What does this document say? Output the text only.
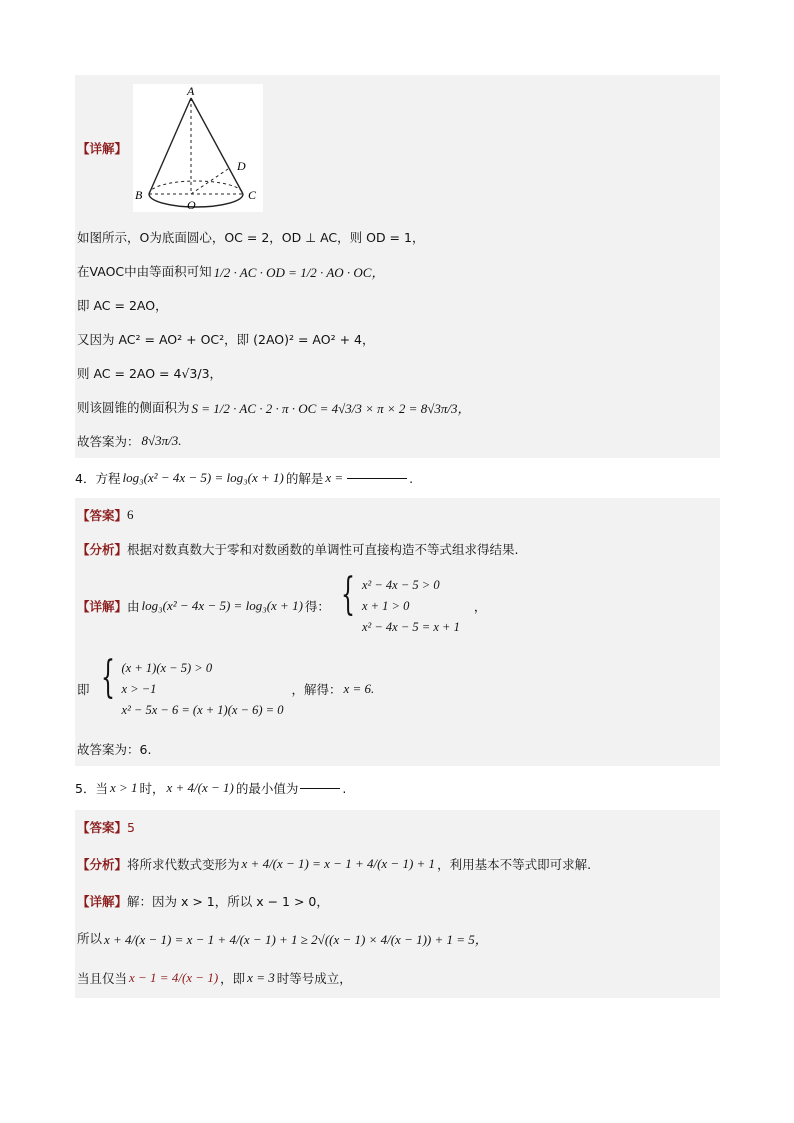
【详解】
A
B
O
C
D
如图所示，O为底面圆心，OC = 2，OD ⊥ AC，则 OD = 1，
在VAOC中由等面积可知 1/2 · AC · OD = 1/2 · AO · OC，
即 AC = 2AO，
又因为 AC² = AO² + OC²，即 (2AO)² = AO² + 4，
则 AC = 2AO = 4√3/3，
则该圆锥的侧面积为 S = 1/2 · AC · 2 · π · OC = 4√3/3 × π × 2 = 8√3π/3，
故答案为： 8√3π/3.
4．方程 log₃(x² − 4x − 5) = log₃(x + 1) 的解是 x =	.
【答案】 6
【分析】 根据对数真数大于零和对数函数的单调性可直接构造不等式组求得结果.
【详解】 由 log₃(x² − 4x − 5) = log₃(x + 1) 得： { x² − 4x − 5 > 0
x + 1 > 0
x² − 4x − 5 = x + 1
，
即 { (x + 1)(x − 5) > 0
x > −1
x² − 5x − 6 = (x + 1)(x − 6) = 0
，解得： x = 6.
故答案为：6.
5．当 x > 1 时， x + 4/(x − 1) 的最小值为	.
【答案】 5
【分析】 将所求代数式变形为 x + 4/(x − 1) = x − 1 + 4/(x − 1) + 1 ，利用基本不等式即可求解.
【详解】 解：因为 x > 1，所以 x − 1 > 0，
所以 x + 4/(x − 1) = x − 1 + 4/(x − 1) + 1 ≥ 2√((x − 1) × 4/(x − 1)) + 1 = 5，
当且仅当 x − 1 = 4/(x − 1) ，即 x = 3 时等号成立，
